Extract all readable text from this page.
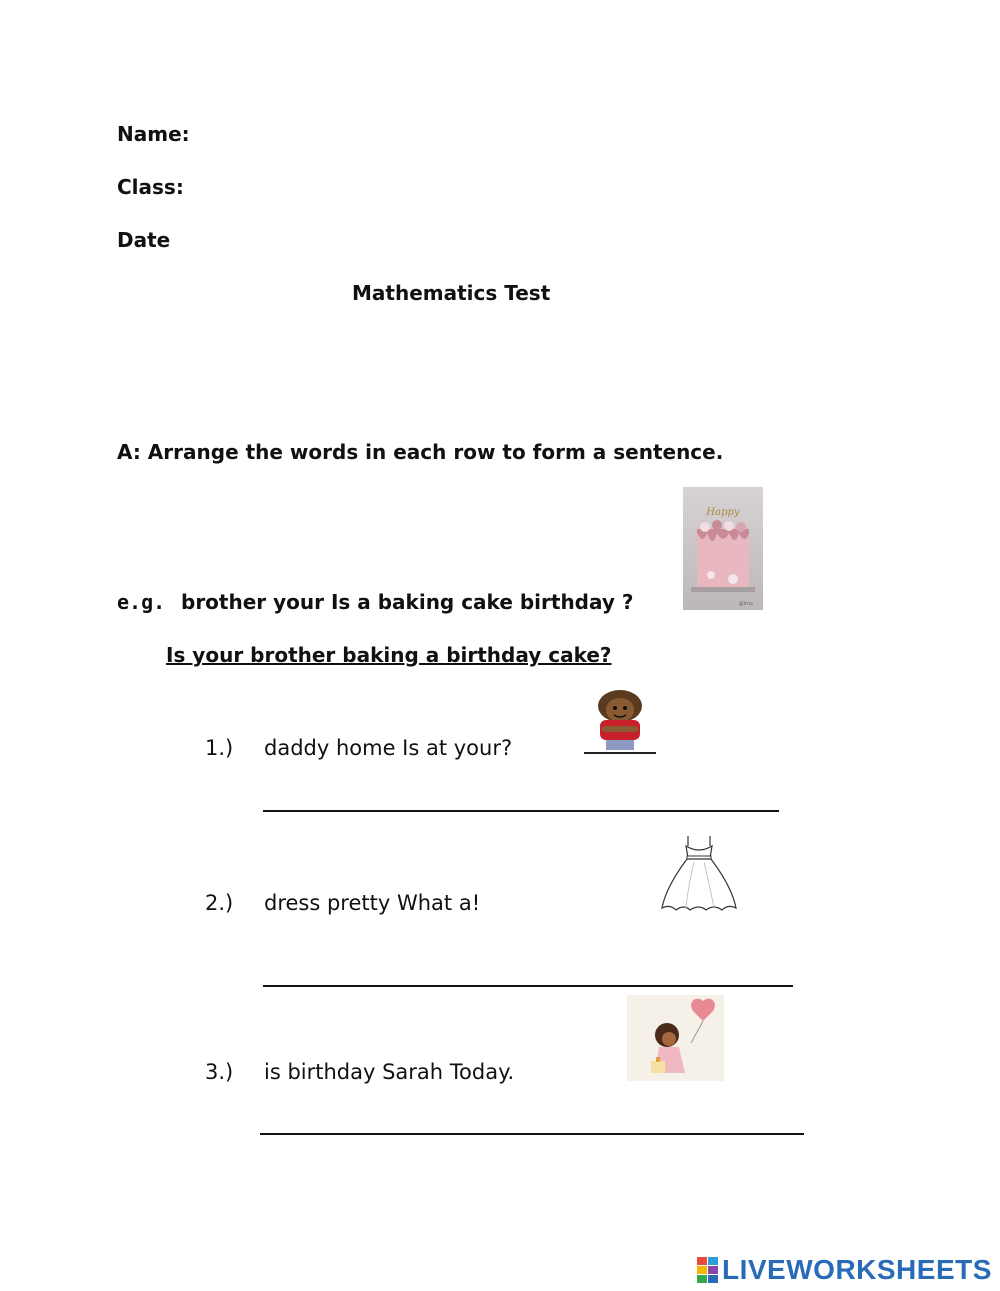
Name:
Class:
Date
Mathematics Test
A: Arrange the words in each row to form a sentence.
e.g. brother your Is a baking cake birthday ?
Is your brother baking a birthday cake?
Happy
@lmo
1.) daddy home Is at your?
2.) dress pretty What a!
3.) is birthday Sarah Today.
LIVEWORKSHEETS
